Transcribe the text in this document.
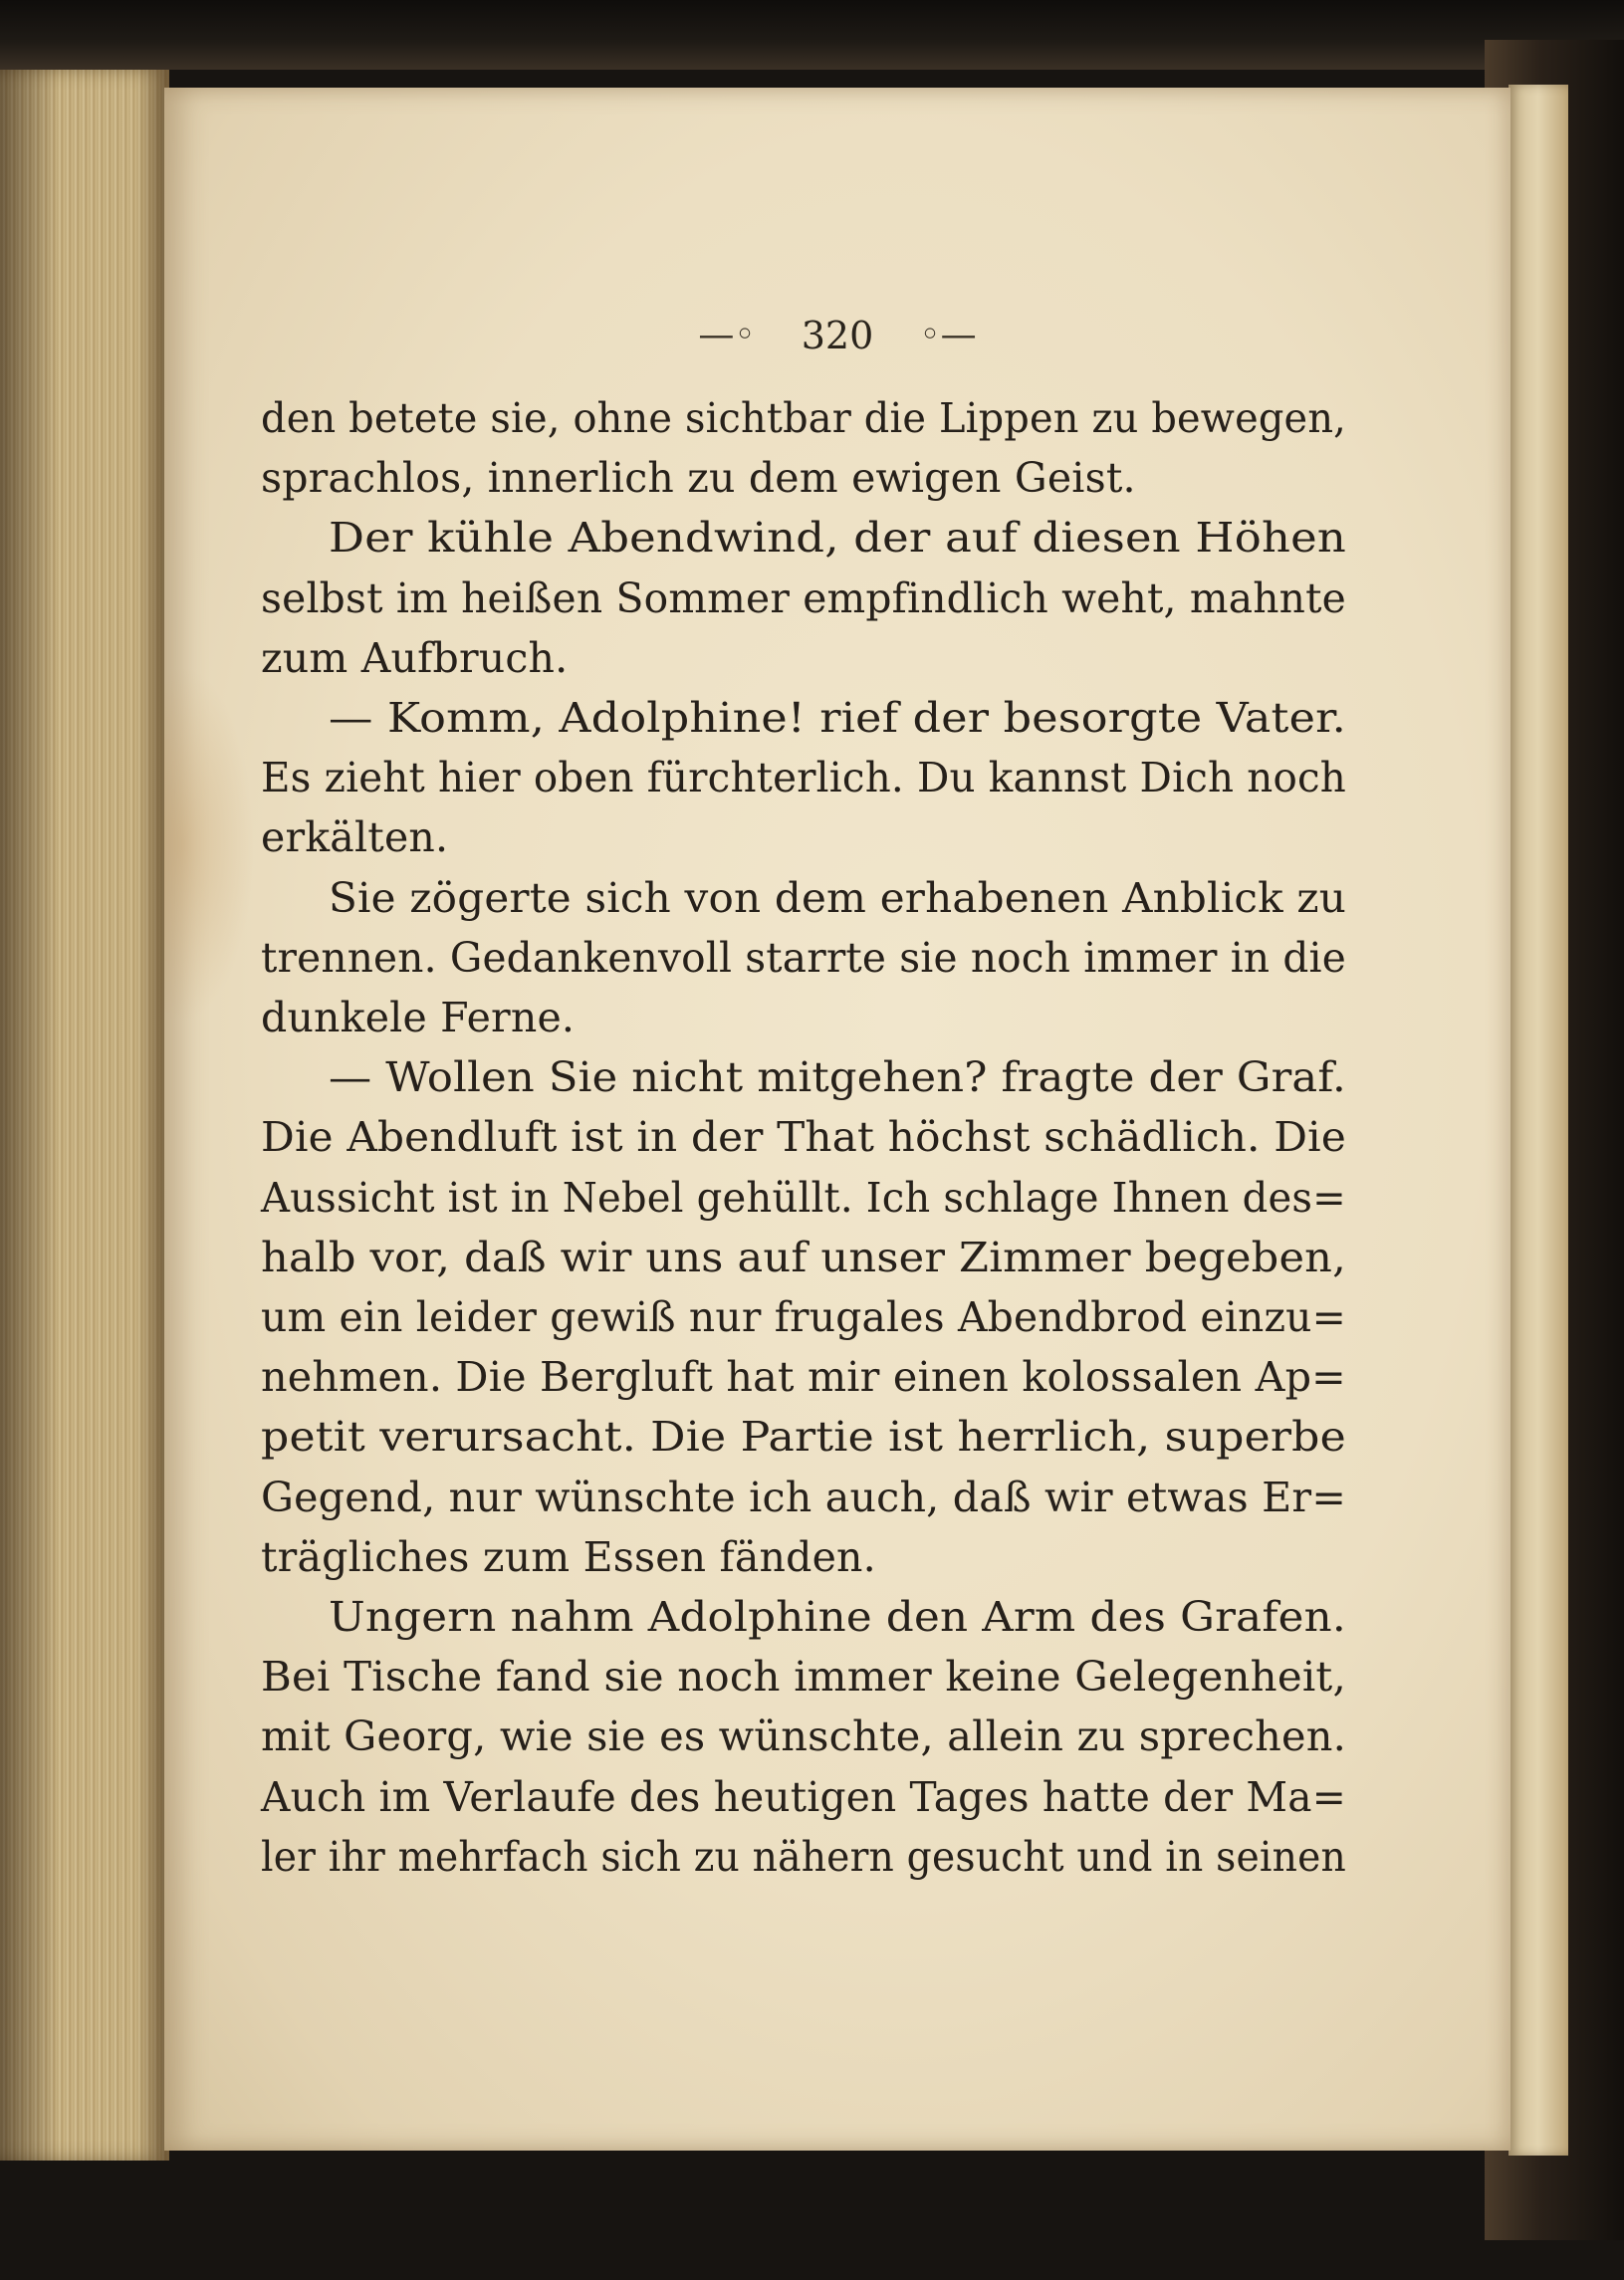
—◦ 320 ◦—
den betete sie, ohne sichtbar die Lippen zu bewegen,
sprachlos, innerlich zu dem ewigen Geist.
Der kühle Abendwind, der auf diesen Höhen
selbst im heißen Sommer empfindlich weht, mahnte
zum Aufbruch.
— Komm, Adolphine! rief der besorgte Vater.
Es zieht hier oben fürchterlich. Du kannst Dich noch
erkälten.
Sie zögerte sich von dem erhabenen Anblick zu
trennen. Gedankenvoll starrte sie noch immer in die
dunkele Ferne.
— Wollen Sie nicht mitgehen? fragte der Graf.
Die Abendluft ist in der That höchst schädlich. Die
Aussicht ist in Nebel gehüllt. Ich schlage Ihnen des=
halb vor, daß wir uns auf unser Zimmer begeben,
um ein leider gewiß nur frugales Abendbrod einzu=
nehmen. Die Bergluft hat mir einen kolossalen Ap=
petit verursacht. Die Partie ist herrlich, superbe
Gegend, nur wünschte ich auch, daß wir etwas Er=
trägliches zum Essen fänden.
Ungern nahm Adolphine den Arm des Grafen.
Bei Tische fand sie noch immer keine Gelegenheit,
mit Georg, wie sie es wünschte, allein zu sprechen.
Auch im Verlaufe des heutigen Tages hatte der Ma=
ler ihr mehrfach sich zu nähern gesucht und in seinen
